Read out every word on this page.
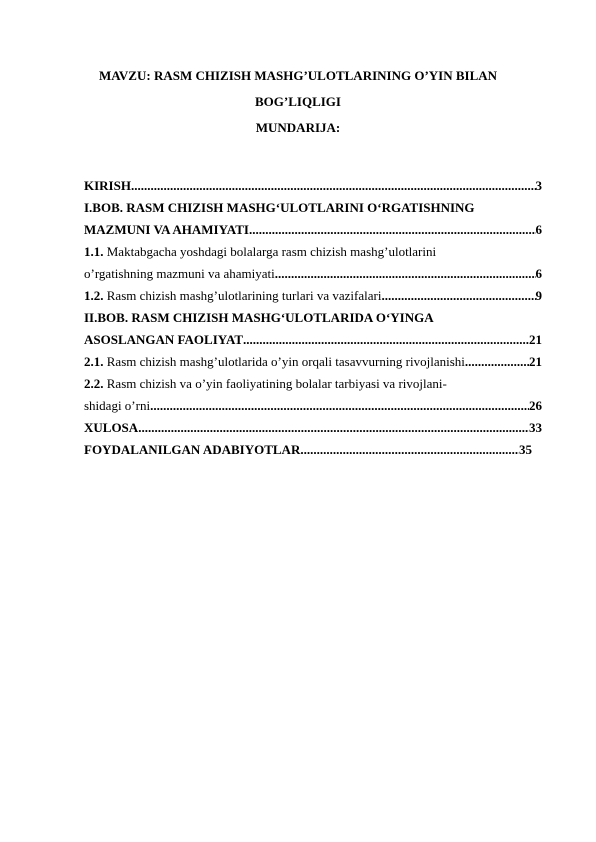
MAVZU: RASM CHIZISH MASHG’ULOTLARINING O’YIN BILAN
BOG’LIQLIGI
MUNDARIJA:
KIRISH .....	3
I.BOB. RASM CHIZISH MASHG‘ULOTLARINI O‘RGATISHNING
MAZMUNI VA AHAMIYATI .....	6
1.1. Maktabgacha yoshdagi bolalarga rasm chizish mashg’ulotlarini
o’rgatishning mazmuni va ahamiyati .....	6
1.2. Rasm chizish mashg’ulotlarining turlari va vazifalari .....	9
II.BOB. RASM CHIZISH MASHG‘ULOTLARIDA O‘YINGA
ASOSLANGAN FAOLIYAT .....	21
2.1. Rasm chizish mashg’ulotlarida o’yin orqali tasavvurning rivojlanishi .....	21
2.2. Rasm chizish va o’yin faoliyatining bolalar tarbiyasi va rivojlani-
shidagi o’rni .....	26
XULOSA .....	33
FOYDALANILGAN ADABIYOTLAR .....	35
